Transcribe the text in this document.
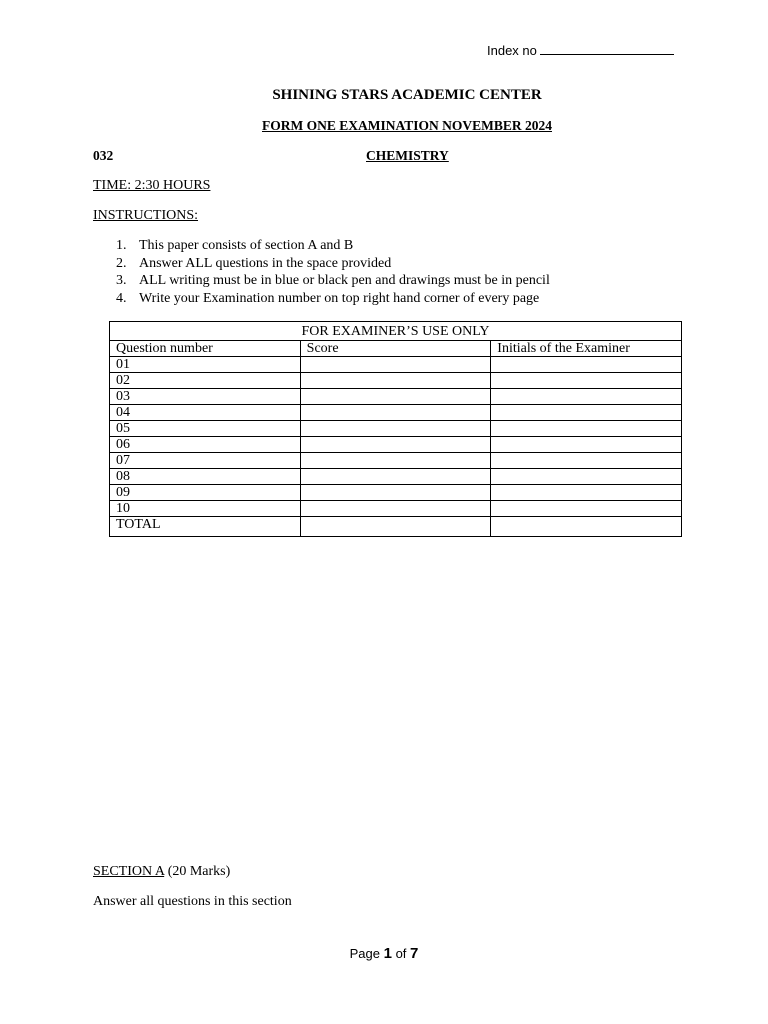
Index no
SHINING STARS ACADEMIC CENTER
FORM ONE EXAMINATION NOVEMBER 2024
032	CHEMISTRY
TIME: 2:30 HOURS
INSTRUCTIONS:
1. This paper consists of section A and B
2. Answer ALL questions in the space provided
3. ALL writing must be in blue or black pen and drawings must be in pencil
4. Write your Examination number on top right hand corner of every page
FOR EXAMINER’S USE ONLY		
Question number	Score	Initials of the Examiner
01		
02		
03		
04		
05		
06		
07		
08		
09		
10		
TOTAL		
SECTION A (20 Marks)
Answer all questions in this section
Page 1 of 7
